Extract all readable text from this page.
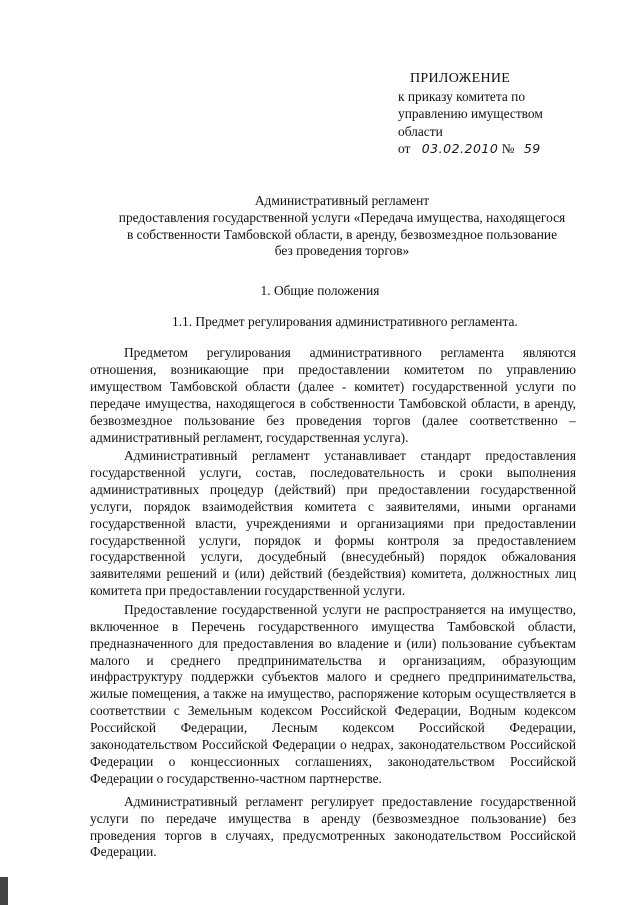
ПРИЛОЖЕНИЕ
к приказу комитета по
управлению имуществом
области
от 03.02.2010 № 59
Административный регламент
предоставления государственной услуги «Передача имущества, находящегося
в собственности Тамбовской области, в аренду, безвозмездное пользование
без проведения торгов»
1. Общие положения
1.1. Предмет регулирования административного регламента.

Предметом регулирования административного регламента являются отношения, возникающие при предоставлении комитетом по управлению имуществом Тамбовской области (далее - комитет) государственной услуги по передаче имущества, находящегося в собственности Тамбовской области, в аренду, безвозмездное пользование без проведения торгов (далее соответственно – административный регламент, государственная услуга).

Административный регламент устанавливает стандарт предоставления государственной услуги, состав, последовательность и сроки выполнения административных процедур (действий) при предоставлении государственной услуги, порядок взаимодействия комитета с заявителями, иными органами государственной власти, учреждениями и организациями при предоставлении государственной услуги, порядок и формы контроля за предоставлением государственной услуги, досудебный (внесудебный) порядок обжалования заявителями решений и (или) действий (бездействия) комитета, должностных лиц комитета при предоставлении государственной услуги.

Предоставление государственной услуги не распространяется на имущество, включенное в Перечень государственного имущества Тамбовской области, предназначенного для предоставления во владение и (или) пользование субъектам малого и среднего предпринимательства и организациям, образующим инфраструктуру поддержки субъектов малого и среднего предпринимательства, жилые помещения, а также на имущество, распоряжение которым осуществляется в соответствии с Земельным кодексом Российской Федерации, Водным кодексом Российской Федерации, Лесным кодексом Российской Федерации, законодательством Российской Федерации о недрах, законодательством Российской Федерации о концессионных соглашениях, законодательством Российской Федерации о государственно-частном партнерстве.

Административный регламент регулирует предоставление государственной услуги по передаче имущества в аренду (безвозмездное пользование) без проведения торгов в случаях, предусмотренных законодательством Российской Федерации.
